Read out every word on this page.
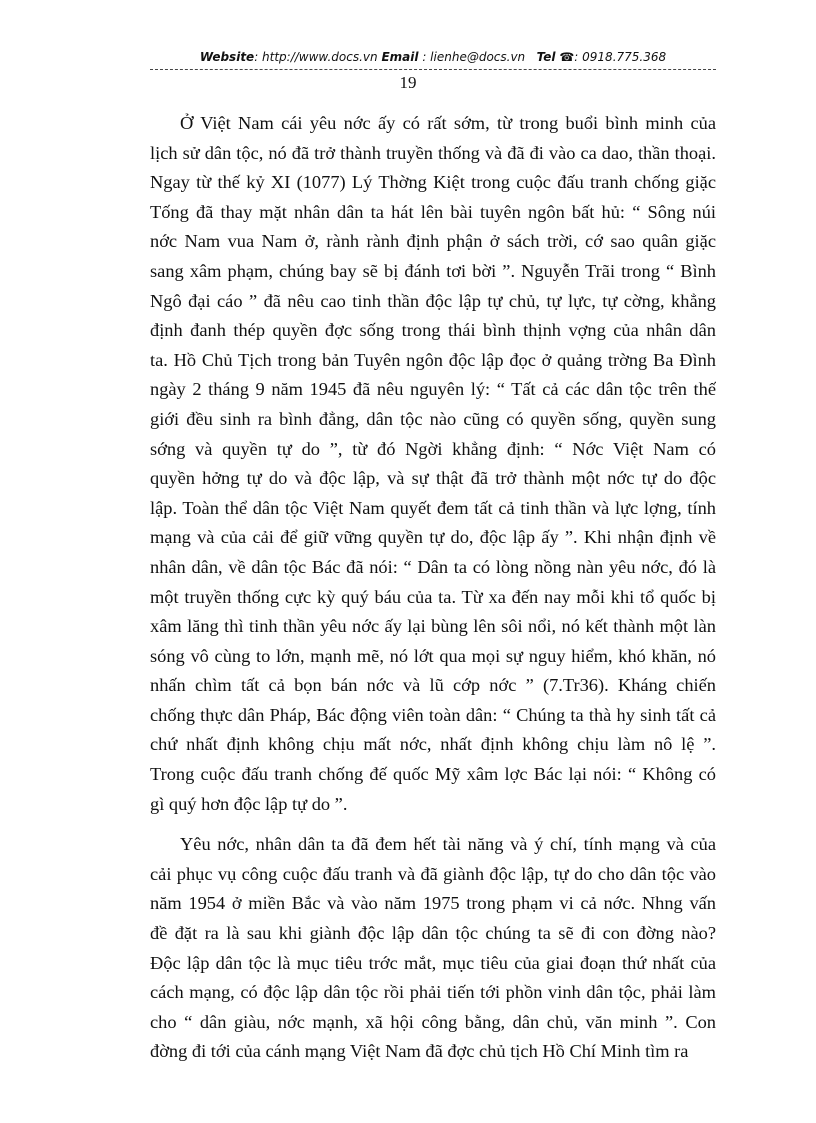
Website: http://www.docs.vn Email : lienhe@docs.vn Tel ☎: 0918.775.368
19

Ở Việt Nam cái yêu nớc ấy có rất sớm, từ trong buổi bình minh của
lịch sử dân tộc, nó đã trở thành truyền thống và đã đi vào ca dao, thần thoại.
Ngay từ thế kỷ XI (1077) Lý Thờng Kiệt trong cuộc đấu tranh chống giặc
Tống đã thay mặt nhân dân ta hát lên bài tuyên ngôn bất hủ: “ Sông núi
nớc Nam vua Nam ở, rành rành định phận ở sách trời, cớ sao quân giặc
sang xâm phạm, chúng bay sẽ bị đánh tơi bời ”. Nguyễn Trãi trong “ Bình
Ngô đại cáo ” đã nêu cao tinh thần độc lập tự chủ, tự lực, tự cờng, khẳng
định đanh thép quyền đợc sống trong thái bình thịnh vợng của nhân dân
ta. Hồ Chủ Tịch trong bản Tuyên ngôn độc lập đọc ở quảng trờng Ba Đình
ngày 2 tháng 9 năm 1945 đã nêu nguyên lý: “ Tất cả các dân tộc trên thế
giới đều sinh ra bình đẳng, dân tộc nào cũng có quyền sống, quyền sung
sớng và quyền tự do ”, từ đó Ngời khẳng định: “ Nớc Việt Nam có
quyền hởng tự do và độc lập, và sự thật đã trở thành một nớc tự do độc
lập. Toàn thể dân tộc Việt Nam quyết đem tất cả tinh thần và lực lợng, tính
mạng và của cải để giữ vững quyền tự do, độc lập ấy ”. Khi nhận định về
nhân dân, về dân tộc Bác đã nói: “ Dân ta có lòng nồng nàn yêu nớc, đó là
một truyền thống cực kỳ quý báu của ta. Từ xa đến nay mỗi khi tổ quốc bị
xâm lăng thì tinh thần yêu nớc ấy lại bùng lên sôi nổi, nó kết thành một làn
sóng vô cùng to lớn, mạnh mẽ, nó lớt qua mọi sự nguy hiểm, khó khăn, nó
nhấn chìm tất cả bọn bán nớc và lũ cớp nớc ” (7.Tr36). Kháng chiến
chống thực dân Pháp, Bác động viên toàn dân: “ Chúng ta thà hy sinh tất cả
chứ nhất định không chịu mất nớc, nhất định không chịu làm nô lệ ”.
Trong cuộc đấu tranh chống đế quốc Mỹ xâm lợc Bác lại nói: “ Không có
gì quý hơn độc lập tự do ”.

Yêu nớc, nhân dân ta đã đem hết tài năng và ý chí, tính mạng và của
cải phục vụ công cuộc đấu tranh và đã giành độc lập, tự do cho dân tộc vào
năm 1954 ở miền Bắc và vào năm 1975 trong phạm vi cả nớc. Nhng vấn
đề đặt ra là sau khi giành độc lập dân tộc chúng ta sẽ đi con đờng nào?
Độc lập dân tộc là mục tiêu trớc mắt, mục tiêu của giai đoạn thứ nhất của
cách mạng, có độc lập dân tộc rồi phải tiến tới phồn vinh dân tộc, phải làm
cho “ dân giàu, nớc mạnh, xã hội công bằng, dân chủ, văn minh ”. Con
đờng đi tới của cánh mạng Việt Nam đã đợc chủ tịch Hồ Chí Minh tìm ra
